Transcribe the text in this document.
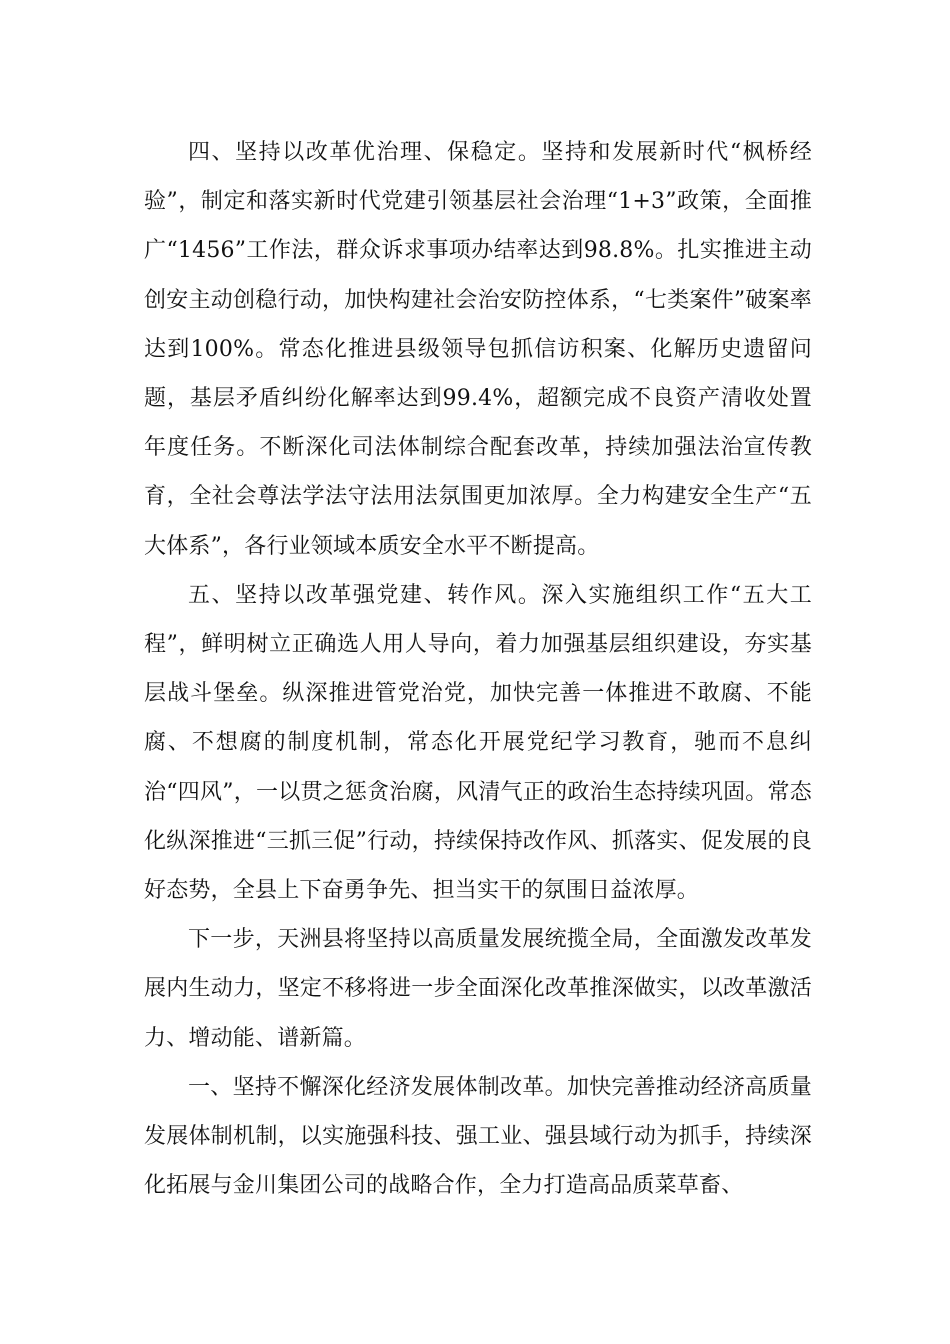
四、坚持以改革优治理、保稳定。坚持和发展新时代“枫桥经验”，制定和落实新时代党建引领基层社会治理“1+3”政策，全面推广“1456”工作法，群众诉求事项办结率达到98.8%。扎实推进主动创安主动创稳行动，加快构建社会治安防控体系，“七类案件”破案率达到100%。常态化推进县级领导包抓信访积案、化解历史遗留问题，基层矛盾纠纷化解率达到99.4%，超额完成不良资产清收处置年度任务。不断深化司法体制综合配套改革，持续加强法治宣传教育，全社会尊法学法守法用法氛围更加浓厚。全力构建安全生产“五大体系”，各行业领域本质安全水平不断提高。

五、坚持以改革强党建、转作风。深入实施组织工作“五大工程”，鲜明树立正确选人用人导向，着力加强基层组织建设，夯实基层战斗堡垒。纵深推进管党治党，加快完善一体推进不敢腐、不能腐、不想腐的制度机制，常态化开展党纪学习教育，驰而不息纠治“四风”，一以贯之惩贪治腐，风清气正的政治生态持续巩固。常态化纵深推进“三抓三促”行动，持续保持改作风、抓落实、促发展的良好态势，全县上下奋勇争先、担当实干的氛围日益浓厚。

下一步，天洲县将坚持以高质量发展统揽全局，全面激发改革发展内生动力，坚定不移将进一步全面深化改革推深做实，以改革激活力、增动能、谱新篇。

一、坚持不懈深化经济发展体制改革。加快完善推动经济高质量发展体制机制，以实施强科技、强工业、强县域行动为抓手，持续深化拓展与金川集团公司的战略合作，全力打造高品质菜草畜、
